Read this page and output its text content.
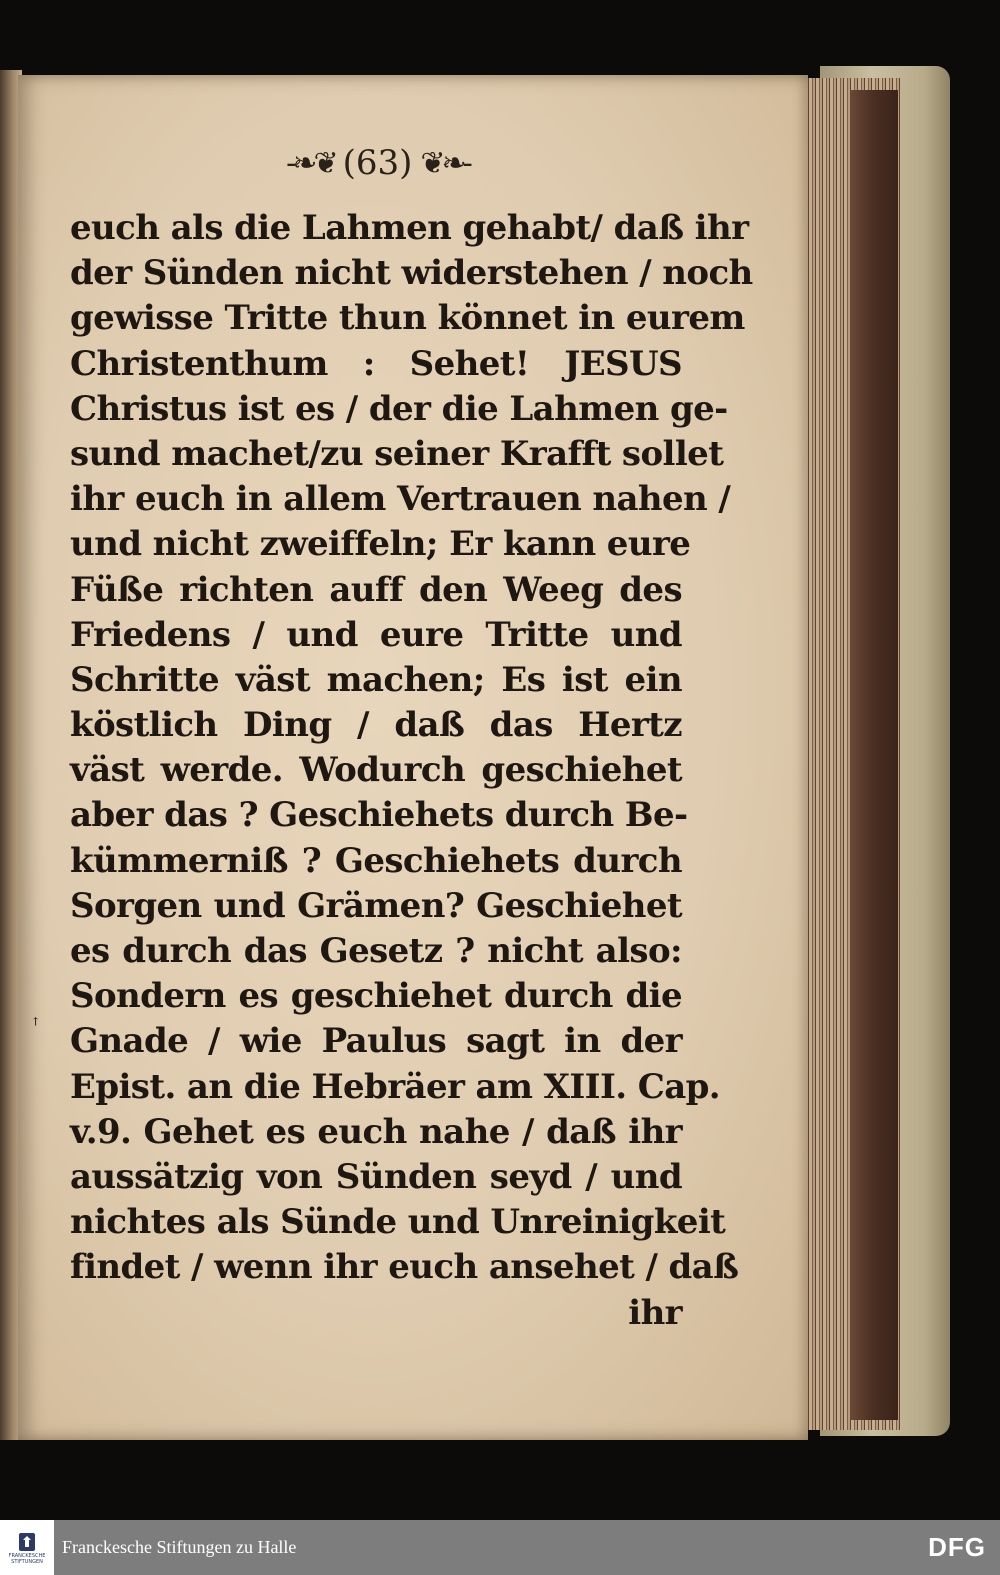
ꜛ
-❧❦ (63) ❦❧-
euch als die Lahmen gehabt/ daß ihr
der Sünden nicht widerstehen / noch
gewisse Tritte thun könnet in eurem
Christenthum : Sehet! JESUS
Christus ist es / der die Lahmen ge-
sund machet/zu seiner Krafft sollet
ihr euch in allem Vertrauen nahen /
und nicht zweiffeln; Er kann eure
Füße richten auff den Weeg des
Friedens / und eure Tritte und
Schritte väst machen; Es ist ein
köstlich Ding / daß das Hertz
väst werde. Wodurch geschiehet
aber das ? Geschiehets durch Be-
kümmerniß ? Geschiehets durch
Sorgen und Grämen? Geschiehet
es durch das Gesetz ? nicht also:
Sondern es geschiehet durch die
Gnade / wie Paulus sagt in der
Epist. an die Hebräer am XIII. Cap.
v.9. Gehet es euch nahe / daß ihr
aussätzig von Sünden seyd / und
nichtes als Sünde und Unreinigkeit
findet / wenn ihr euch ansehet / daß
ihr
FRANCKESCHE STIFTUNGEN
Franckesche Stiftungen zu Halle	DFG
